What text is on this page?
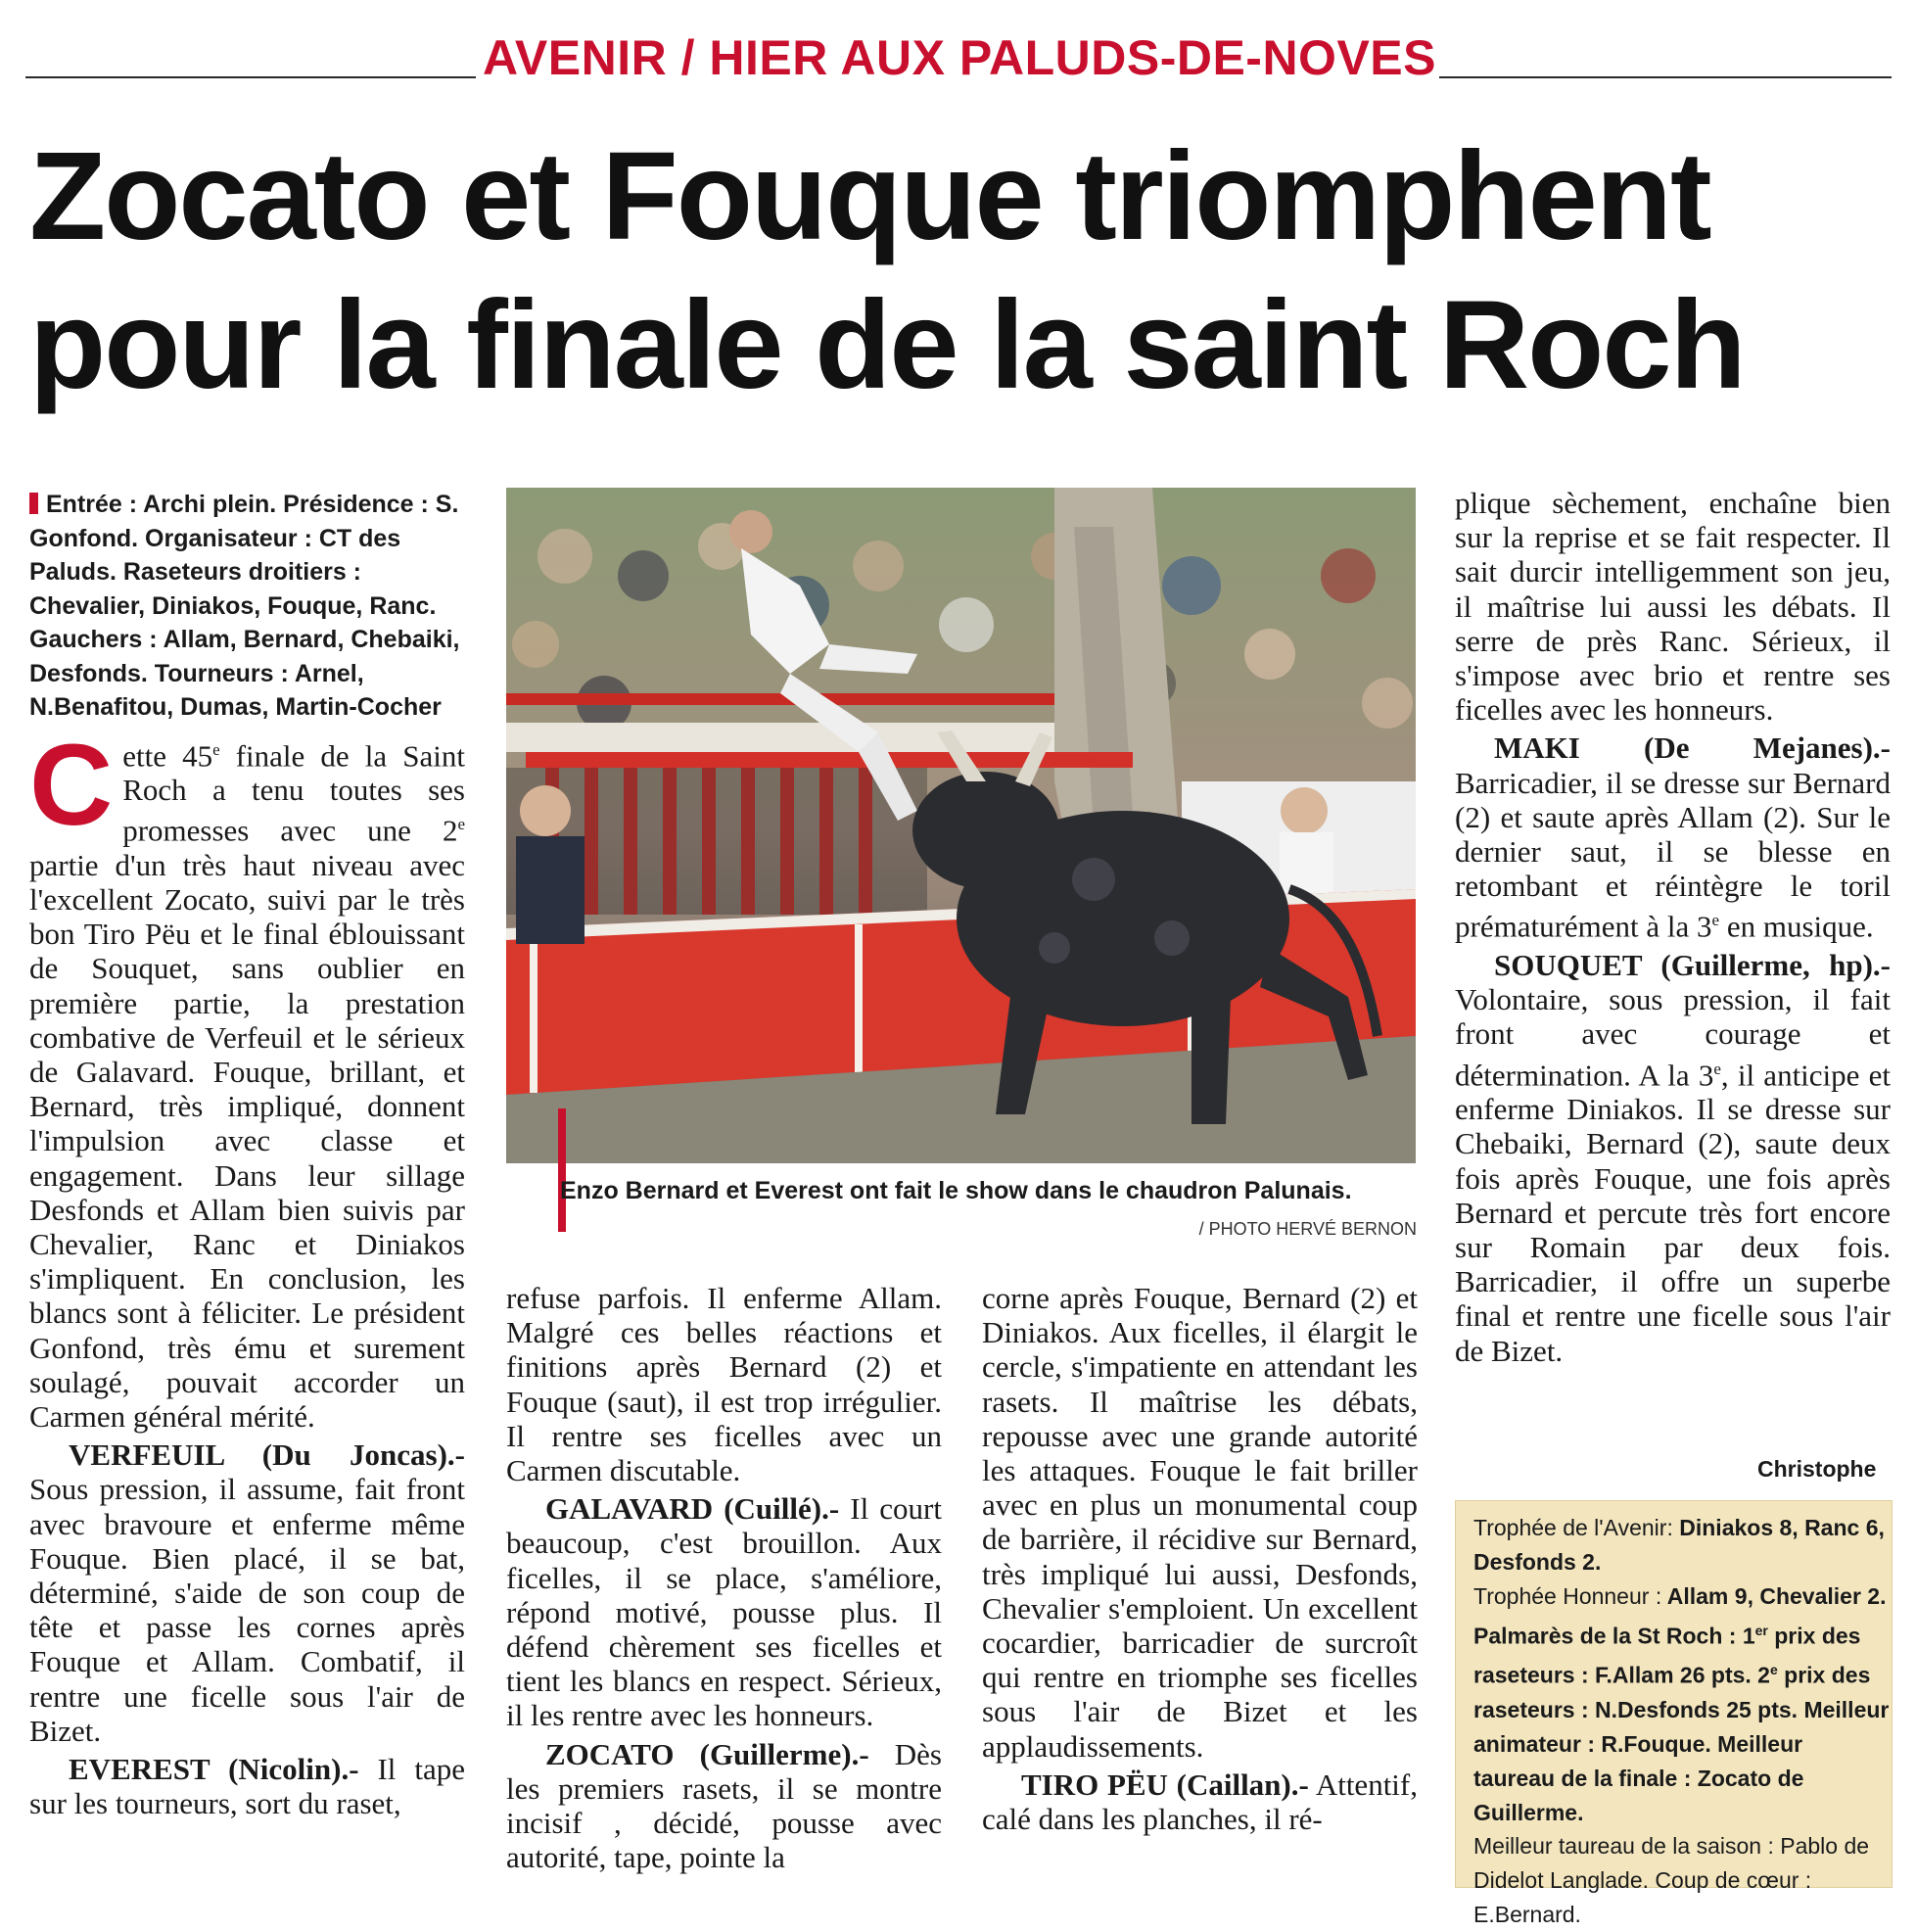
AVENIR / HIER AUX PALUDS-DE-NOVES
Zocato et Fouque triomphent
pour la finale de la saint Roch

Entrée : Archi plein. Présidence : S. Gonfond. Organisateur : CT des Paluds. Raseteurs droitiers : Chevalier, Diniakos, Fouque, Ranc. Gauchers : Allam, Bernard, Chebaiki, Desfonds. Tourneurs : Arnel, N.Benafitou, Dumas, Martin-Cocher

Cette 45e finale de la Saint Roch a tenu toutes ses promesses avec une 2e partie d'un très haut niveau avec l'excellent Zocato, suivi par le très bon Tiro Pëu et le final éblouissant de Souquet, sans oublier en première partie, la prestation combative de Verfeuil et le sérieux de Galavard. Fouque, brillant, et Bernard, très impliqué, donnent l'impulsion avec classe et engagement. Dans leur sillage Desfonds et Allam bien suivis par Chevalier, Ranc et Diniakos s'impliquent. En conclusion, les blancs sont à féliciter. Le président Gonfond, très ému et surement soulagé, pouvait accorder un Carmen général mérité.

VERFEUIL (Du Joncas).- Sous pression, il assume, fait front avec bravoure et enferme même Fouque. Bien placé, il se bat, déterminé, s'aide de son coup de tête et passe les cornes après Fouque et Allam. Combatif, il rentre une ficelle sous l'air de Bizet.

EVEREST (Nicolin).- Il tape sur les tourneurs, sort du raset,

Enzo Bernard et Everest ont fait le show dans le chaudron Palunais.
/ PHOTO HERVÉ BERNON

refuse parfois. Il enferme Allam. Malgré ces belles réactions et finitions après Bernard (2) et Fouque (saut), il est trop irrégulier. Il rentre ses ficelles avec un Carmen discutable.

GALAVARD (Cuillé).- Il court beaucoup, c'est brouillon. Aux ficelles, il se place, s'améliore, répond motivé, pousse plus. Il défend chèrement ses ficelles et tient les blancs en respect. Sérieux, il les rentre avec les honneurs.

ZOCATO (Guillerme).- Dès les premiers rasets, il se montre incisif , décidé, pousse avec autorité, tape, pointe la

corne après Fouque, Bernard (2) et Diniakos. Aux ficelles, il élargit le cercle, s'impatiente en attendant les rasets. Il maîtrise les débats, repousse avec une grande autorité les attaques. Fouque le fait briller avec en plus un monumental coup de barrière, il récidive sur Bernard, très impliqué lui aussi, Desfonds, Chevalier s'emploient. Un excellent cocardier, barricadier de surcroît qui rentre en triomphe ses ficelles sous l'air de Bizet et les applaudissements.

TIRO PËU (Caillan).- Attentif, calé dans les planches, il ré-

plique sèchement, enchaîne bien sur la reprise et se fait respecter. Il sait durcir intelligemment son jeu, il maîtrise lui aussi les débats. Il serre de près Ranc. Sérieux, il s'impose avec brio et rentre ses ficelles avec les honneurs.

MAKI (De Mejanes).- Barricadier, il se dresse sur Bernard (2) et saute après Allam (2). Sur le dernier saut, il se blesse en retombant et réintègre le toril prématurément à la 3e en musique.

SOUQUET (Guillerme, hp).- Volontaire, sous pression, il fait front avec courage et détermination. A la 3e, il anticipe et enferme Diniakos. Il se dresse sur Chebaiki, Bernard (2), saute deux fois après Fouque, une fois après Bernard et percute très fort encore sur Romain par deux fois. Barricadier, il offre un superbe final et rentre une ficelle sous l'air de Bizet.

Christophe

Trophée de l'Avenir: Diniakos 8, Ranc 6, Desfonds 2.

Trophée Honneur : Allam 9, Chevalier 2.

Palmarès de la St Roch : 1er prix des raseteurs : F.Allam 26 pts. 2e prix des raseteurs : N.Desfonds 25 pts. Meilleur animateur : R.Fouque. Meilleur taureau de la finale : Zocato de Guillerme.

Meilleur taureau de la saison : Pablo de Didelot Langlade. Coup de cœur : E.Bernard.
